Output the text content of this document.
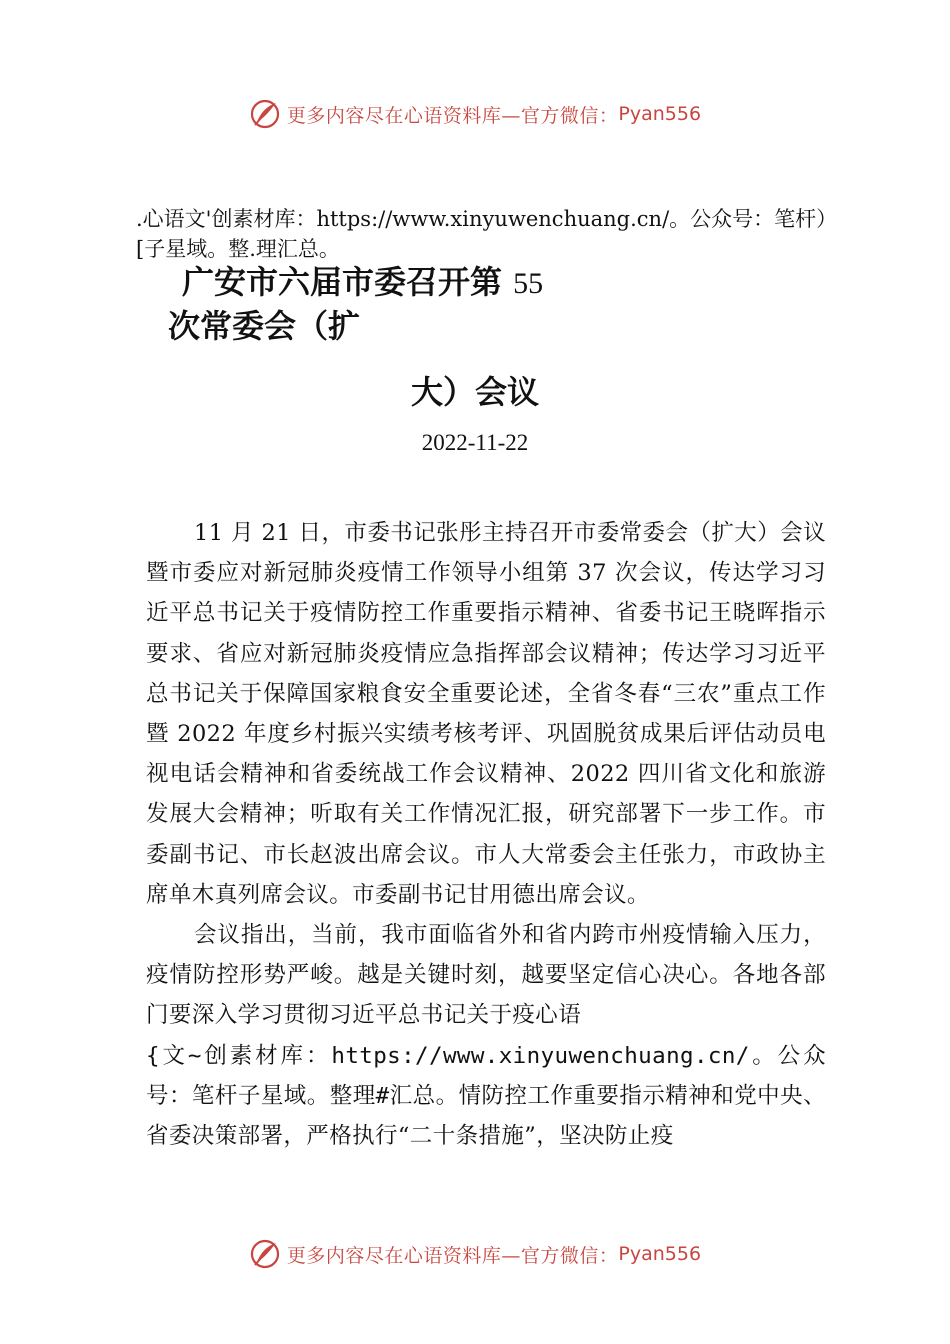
更多内容尽在心语资料库—官方微信： Pyan556
.心语文'创素材库：https://www.xinyuwenchuang.cn/。公众号：笔杆）[子星域。整.理汇总。
广安市六届市委召开第 55
次常委会（扩
大）会议
2022-11-22

11 月 21 日，市委书记张彤主持召开市委常委会（扩大）会议暨市委应对新冠肺炎疫情工作领导小组第 37 次会议，传达学习习近平总书记关于疫情防控工作重要指示精神、省委书记王晓晖指示要求、省应对新冠肺炎疫情应急指挥部会议精神；传达学习习近平总书记关于保障国家粮食安全重要论述，全省冬春“三农”重点工作暨 2022 年度乡村振兴实绩考核考评、巩固脱贫成果后评估动员电视电话会精神和省委统战工作会议精神、2022 四川省文化和旅游发展大会精神；听取有关工作情况汇报，研究部署下一步工作。市委副书记、市长赵波出席会议。市人大常委会主任张力，市政协主席单木真列席会议。市委副书记甘用德出席会议。

会议指出，当前，我市面临省外和省内跨市州疫情输入压力，疫情防控形势严峻。越是关键时刻，越要坚定信心决心。各地各部门要深入学习贯彻习近平总书记关于疫心语

{文~创素材库：https://www.xinyuwenchuang.cn/。公众号：笔杆子星域。整理#汇总。情防控工作重要指示精神和党中央、省委决策部署，严格执行“二十条措施”，坚决防止疫

更多内容尽在心语资料库—官方微信： Pyan556
